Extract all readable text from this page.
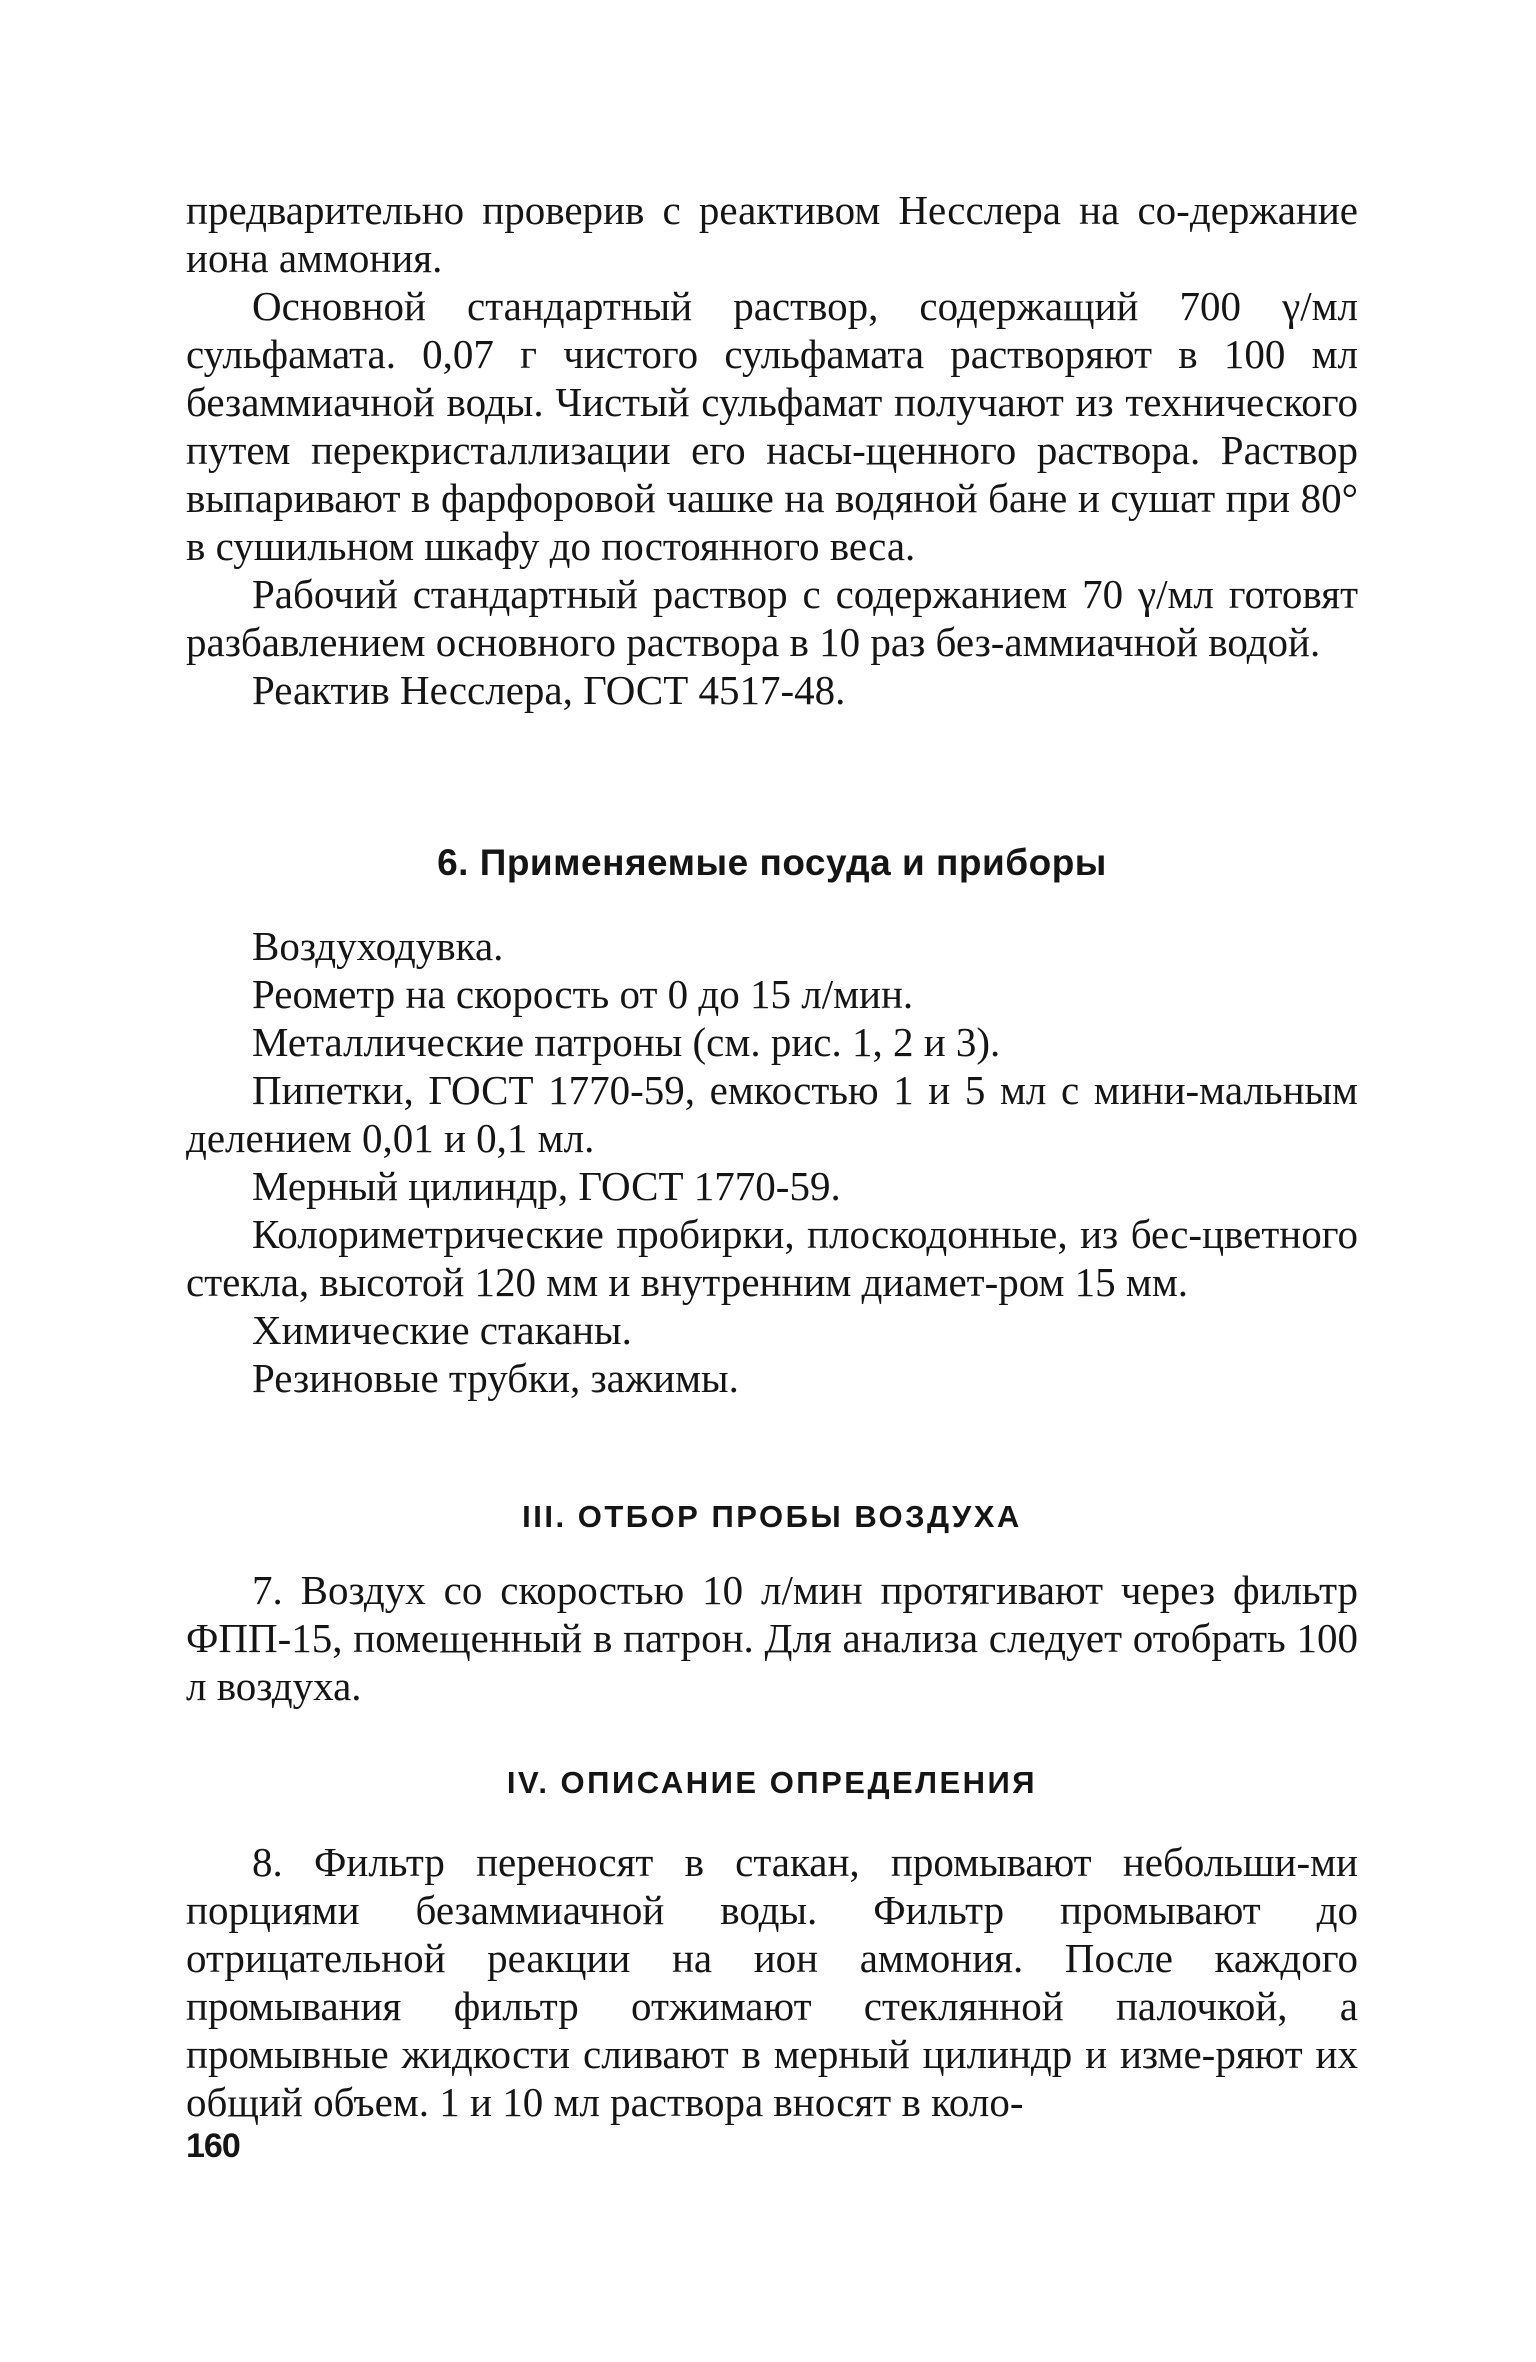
предварительно проверив с реактивом Несслера на со-держание иона аммония.

Основной стандартный раствор, содержащий 700 γ/мл сульфамата. 0,07 г чистого сульфамата растворяют в 100 мл безаммиачной воды. Чистый сульфамат получают из технического путем перекристаллизации его насы-щенного раствора. Раствор выпаривают в фарфоровой чашке на водяной бане и сушат при 80° в сушильном шкафу до постоянного веса.

Рабочий стандартный раствор с содержанием 70 γ/мл готовят разбавлением основного раствора в 10 раз без-аммиачной водой.

Реактив Несслера, ГОСТ 4517-48.

6. Применяемые посуда и приборы

Воздуходувка.

Реометр на скорость от 0 до 15 л/мин.

Металлические патроны (см. рис. 1, 2 и 3).

Пипетки, ГОСТ 1770-59, емкостью 1 и 5 мл с мини-мальным делением 0,01 и 0,1 мл.

Мерный цилиндр, ГОСТ 1770-59.

Колориметрические пробирки, плоскодонные, из бес-цветного стекла, высотой 120 мм и внутренним диамет-ром 15 мм.

Химические стаканы.

Резиновые трубки, зажимы.

III. ОТБОР ПРОБЫ ВОЗДУХА

7. Воздух со скоростью 10 л/мин протягивают через фильтр ФПП-15, помещенный в патрон. Для анализа следует отобрать 100 л воздуха.

IV. ОПИСАНИЕ ОПРЕДЕЛЕНИЯ

8. Фильтр переносят в стакан, промывают небольши-ми порциями безаммиачной воды. Фильтр промывают до отрицательной реакции на ион аммония. После каждого промывания фильтр отжимают стеклянной палочкой, а промывные жидкости сливают в мерный цилиндр и изме-ряют их общий объем. 1 и 10 мл раствора вносят в коло-

160
